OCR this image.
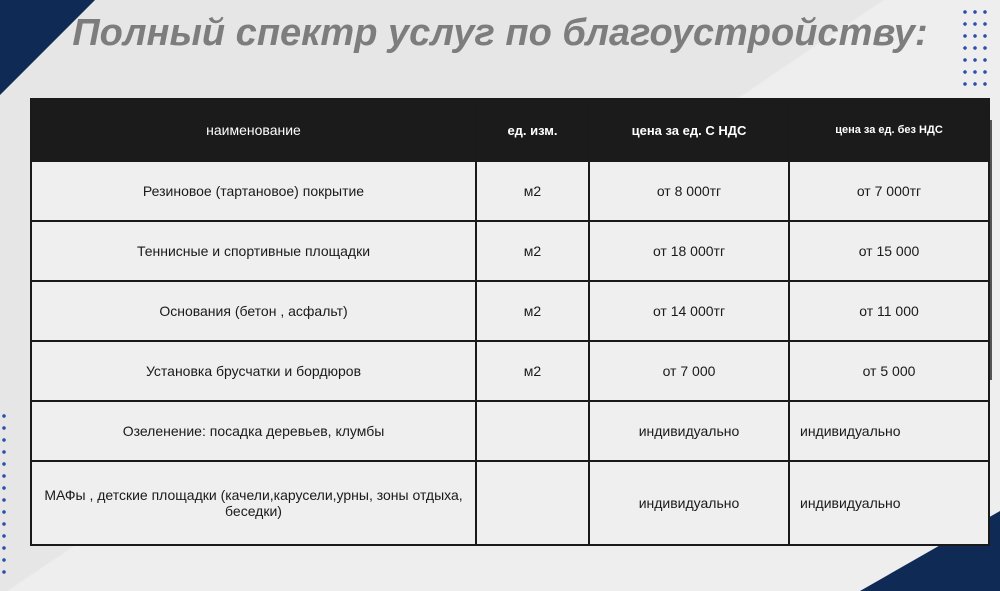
Полный спектр услуг по благоустройству:
наименование	ед. изм.	цена за ед. С НДС	цена за ед. без НДС
Резиновое (тартановое) покрытие	м2	от 8 000тг	от 7 000тг
Теннисные и спортивные площадки	м2	от 18 000тг	от 15 000
Основания (бетон , асфальт)	м2	от 14 000тг	от 11 000
Установка брусчатки и бордюров	м2	от 7 000	от 5 000
Озеленение: посадка деревьев, клумбы		индивидуально	индивидуально
МАФы , детские площадки (качели,карусели,урны, зоны отдыха, беседки)		индивидуально	индивидуально
